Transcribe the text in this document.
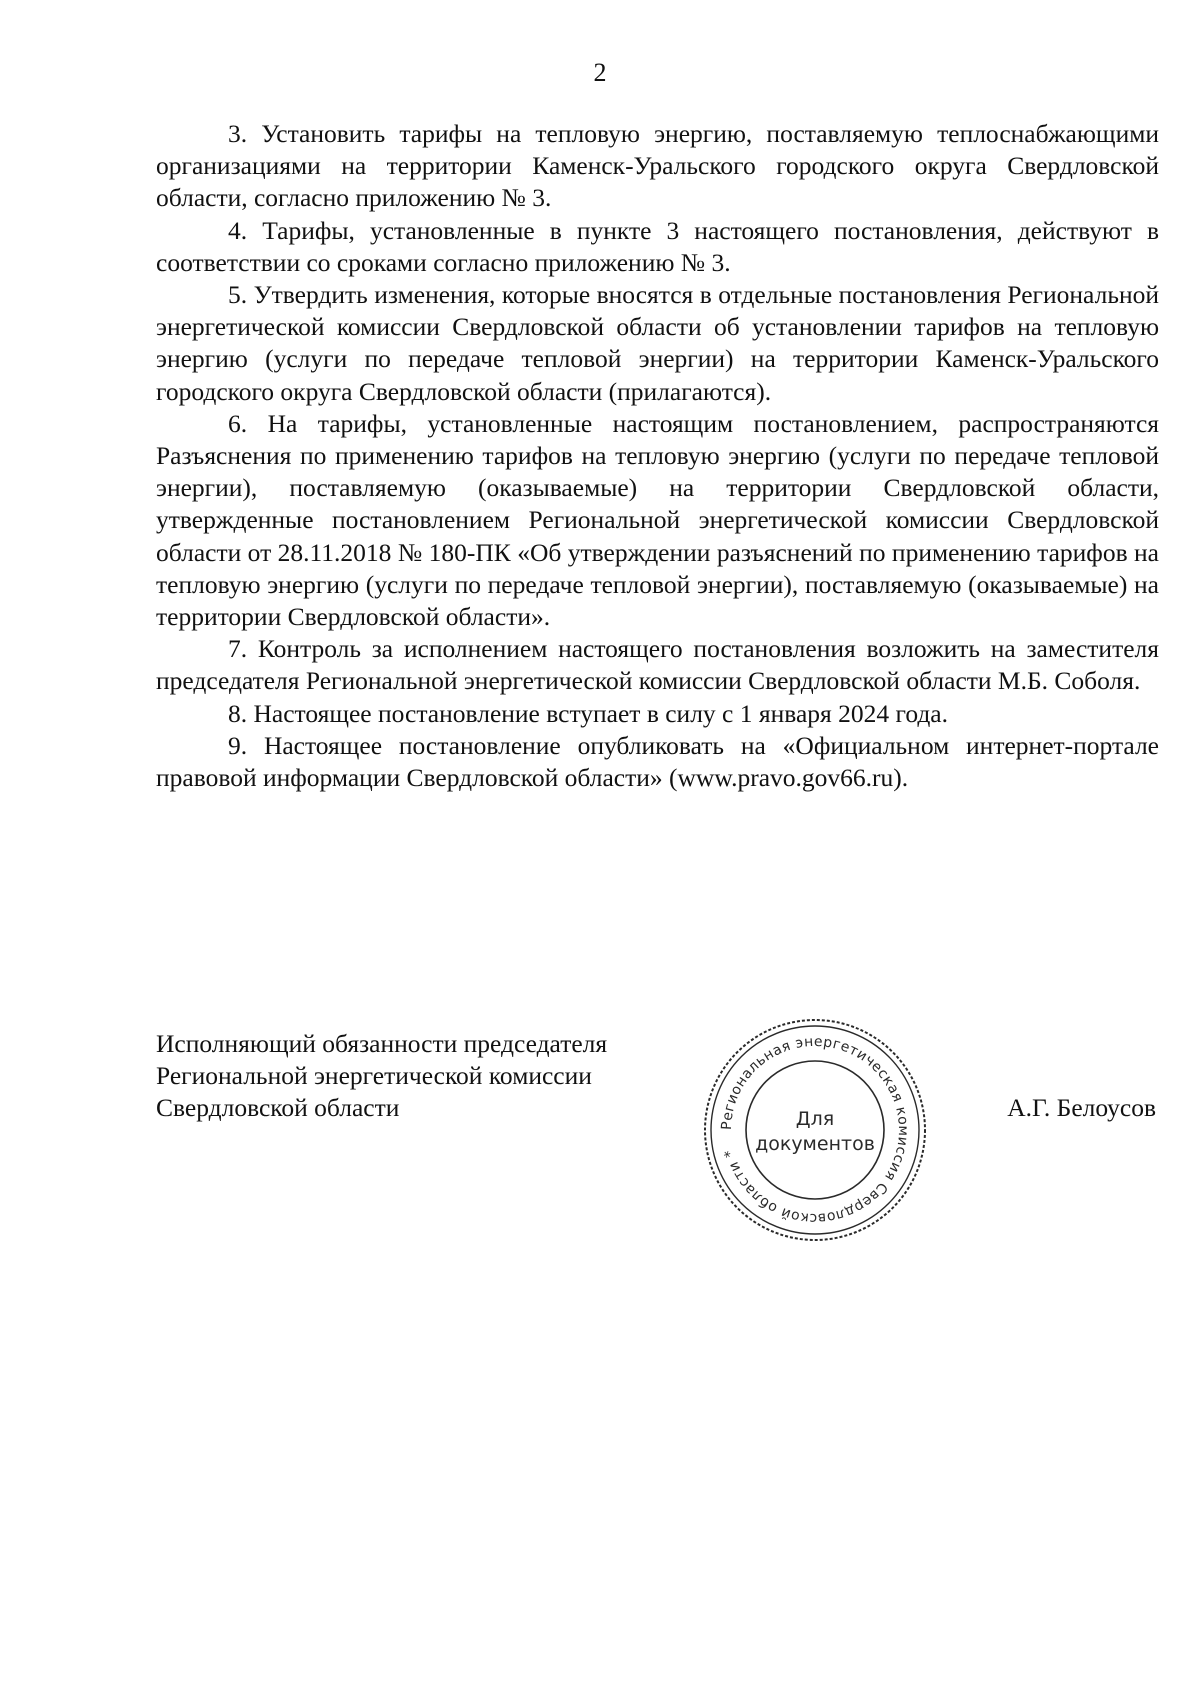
2

3. Установить тарифы на тепловую энергию, поставляемую теплоснабжающими организациями на территории Каменск-Уральского городского округа Свердловской области, согласно приложению № 3.

4. Тарифы, установленные в пункте 3 настоящего постановления, действуют в соответствии со сроками согласно приложению № 3.

5. Утвердить изменения, которые вносятся в отдельные постановления Региональной энергетической комиссии Свердловской области об установлении тарифов на тепловую энергию (услуги по передаче тепловой энергии) на территории Каменск-Уральского городского округа Свердловской области (прилагаются).

6. На тарифы, установленные настоящим постановлением, распространяются Разъяснения по применению тарифов на тепловую энергию (услуги по передаче тепловой энергии), поставляемую (оказываемые) на территории Свердловской области, утвержденные постановлением Региональной энергетической комиссии Свердловской области от 28.11.2018 № 180-ПК «Об утверждении разъяснений по применению тарифов на тепловую энергию (услуги по передаче тепловой энергии), поставляемую (оказываемые) на территории Свердловской области».

7. Контроль за исполнением настоящего постановления возложить на заместителя председателя Региональной энергетической комиссии Свердловской области М.Б. Соболя.

8. Настоящее постановление вступает в силу с 1 января 2024 года.

9. Настоящее постановление опубликовать на «Официальном интернет-портале правовой информации Свердловской области» (www.pravo.gov66.ru).

Исполняющий обязанности председателя
Региональной энергетической комиссии
Свердловской области
Региональная энергетическая комиссия Свердловской области *
Для
документов
А.Г. Белоусов
